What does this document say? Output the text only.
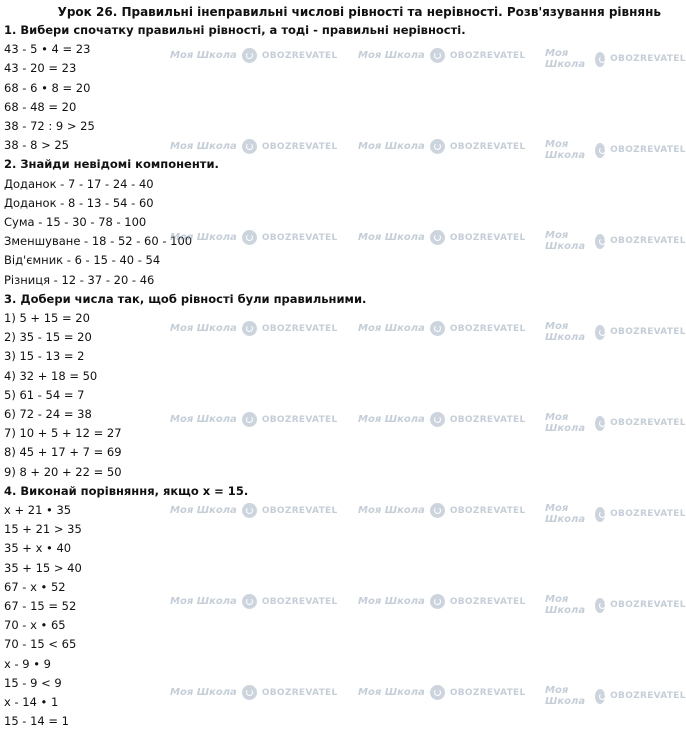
Урок 26. Правильні інеправильні числові рівності та нерівності. Розв'язування рівнянь
1. Вибери спочатку правильні рівності, а тоді - правильні нерівності.
43 - 5 • 4 = 23
43 - 20 = 23
68 - 6 • 8 = 20
68 - 48 = 20
38 - 72 : 9 > 25
38 - 8 > 25
2. Знайди невідомі компоненти.
Доданок - 7 - 17 - 24 - 40
Доданок - 8 - 13 - 54 - 60
Сума - 15 - 30 - 78 - 100
Зменшуване - 18 - 52 - 60 - 100
Від'ємник - 6 - 15 - 40 - 54
Різниця - 12 - 37 - 20 - 46
3. Добери числа так, щоб рівності були правильними.
1) 5 + 15 = 20
2) 35 - 15 = 20
3) 15 - 13 = 2
4) 32 + 18 = 50
5) 61 - 54 = 7
6) 72 - 24 = 38
7) 10 + 5 + 12 = 27
8) 45 + 17 + 7 = 69
9) 8 + 20 + 22 = 50
4. Виконай порівняння, якщо x = 15.
x + 21 • 35
15 + 21 > 35
35 + x • 40
35 + 15 > 40
67 - x • 52
67 - 15 = 52
70 - x • 65
70 - 15 < 65
x - 9 • 9
15 - 9 < 9
x - 14 • 1
15 - 14 = 1
Моя Школа	OBOZREVATEL Моя Школа	OBOZREVATEL Моя Школа	OBOZREVATEL
Моя Школа	OBOZREVATEL Моя Школа	OBOZREVATEL Моя Школа	OBOZREVATEL
Моя Школа	OBOZREVATEL Моя Школа	OBOZREVATEL Моя Школа	OBOZREVATEL
Моя Школа	OBOZREVATEL Моя Школа	OBOZREVATEL Моя Школа	OBOZREVATEL
Моя Школа	OBOZREVATEL Моя Школа	OBOZREVATEL Моя Школа	OBOZREVATEL
Моя Школа	OBOZREVATEL Моя Школа	OBOZREVATEL Моя Школа	OBOZREVATEL
Моя Школа	OBOZREVATEL Моя Школа	OBOZREVATEL Моя Школа	OBOZREVATEL
Моя Школа	OBOZREVATEL Моя Школа	OBOZREVATEL Моя Школа	OBOZREVATEL
